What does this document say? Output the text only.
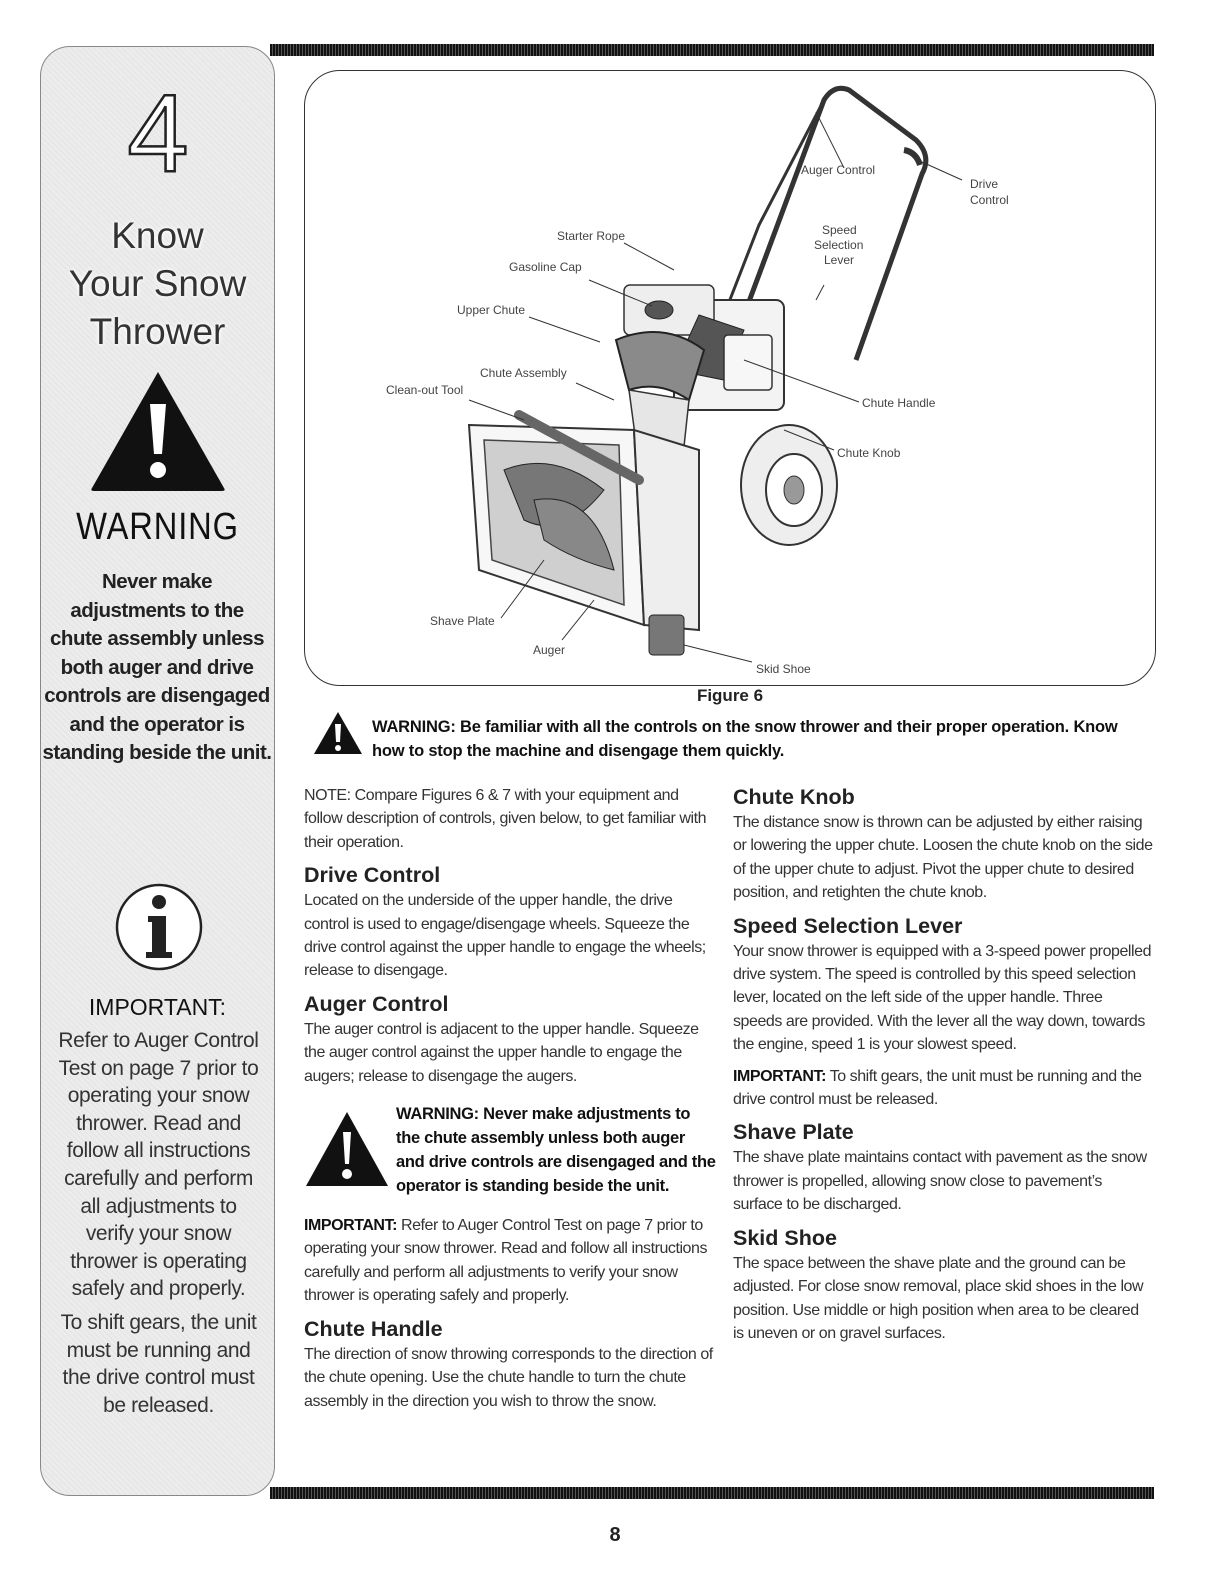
4
Know
Your Snow
Thrower
WARNING
Never make adjustments to the chute assembly unless both auger and drive controls are disengaged and the operator is standing beside the unit.
IMPORTANT:

Refer to Auger Control Test on page 7 prior to operating your snow thrower. Read and follow all instructions carefully and perform all adjustments to verify your snow thrower is operating safely and properly.

To shift gears, the unit must be running and the drive control must be released.

Auger Control
Drive
Control
Starter Rope
Gasoline Cap
Speed
Selection
Lever
Upper Chute
Chute Assembly
Clean-out Tool
Chute Handle
Chute Knob
Shave Plate
Auger
Skid Shoe
Figure 6
WARNING: Be familiar with all the controls on the snow thrower and their proper operation. Know how to stop the machine and disengage them quickly.

NOTE: Compare Figures 6 & 7 with your equipment and follow description of controls, given below, to get familiar with their operation.

Drive Control

Located on the underside of the upper handle, the drive control is used to engage/disengage wheels. Squeeze the drive control against the upper handle to engage the wheels; release to disengage.

Auger Control

The auger control is adjacent to the upper handle. Squeeze the auger control against the upper handle to engage the augers; release to disengage the augers.

WARNING: Never make adjustments to the chute assembly unless both auger and drive controls are disengaged and the operator is standing beside the unit.

IMPORTANT: Refer to Auger Control Test on page 7 prior to operating your snow thrower. Read and follow all instructions carefully and perform all adjustments to verify your snow thrower is operating safely and properly.

Chute Handle

The direction of snow throwing corresponds to the direction of the chute opening. Use the chute handle to turn the chute assembly in the direction you wish to throw the snow.

Chute Knob

The distance snow is thrown can be adjusted by either raising or lowering the upper chute. Loosen the chute knob on the side of the upper chute to adjust. Pivot the upper chute to desired position, and retighten the chute knob.

Speed Selection Lever

Your snow thrower is equipped with a 3-speed power propelled drive system. The speed is controlled by this speed selection lever, located on the left side of the upper handle. Three speeds are provided. With the lever all the way down, towards the engine, speed 1 is your slowest speed.

IMPORTANT: To shift gears, the unit must be running and the drive control must be released.

Shave Plate

The shave plate maintains contact with pavement as the snow thrower is propelled, allowing snow close to pavement’s surface to be discharged.

Skid Shoe

The space between the shave plate and the ground can be adjusted. For close snow removal, place skid shoes in the low position. Use middle or high position when area to be cleared is uneven or on gravel surfaces.

8
